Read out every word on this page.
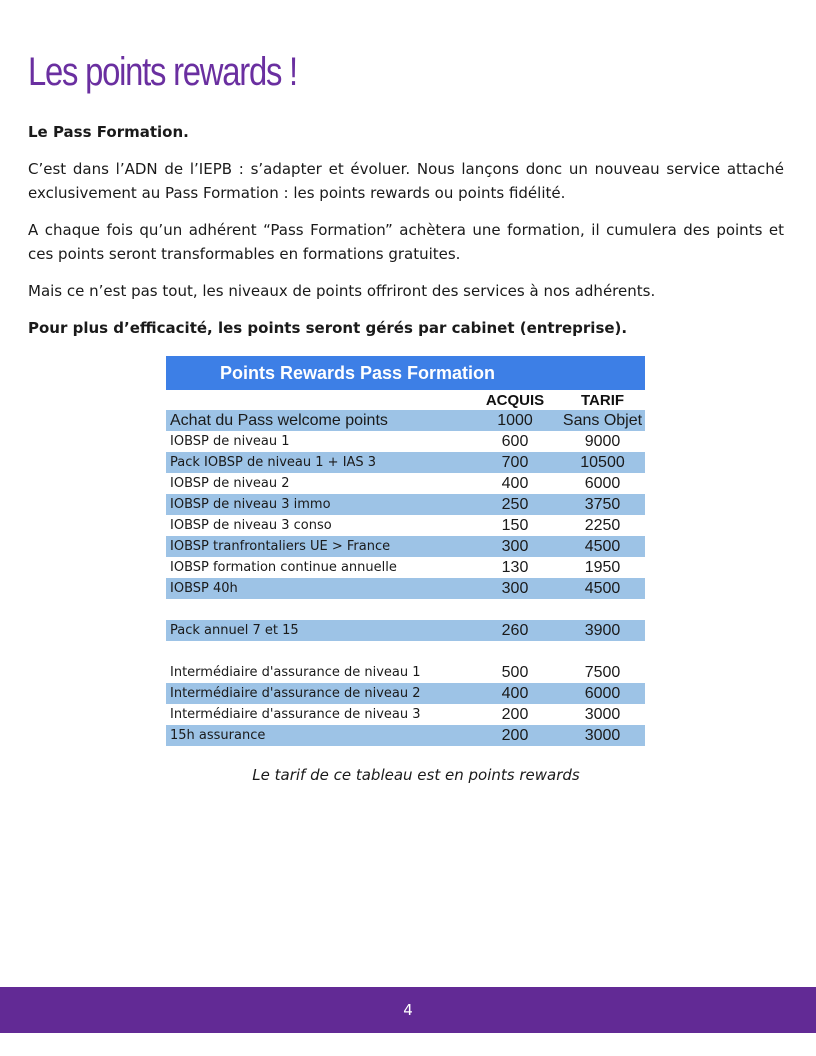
Les points rewards !

Le Pass Formation.

C’est dans l’ADN de l’IEPB : s’adapter et évoluer. Nous lançons donc un nouveau service attaché exclusivement au Pass Formation : les points rewards ou points fidélité.

A chaque fois qu’un adhérent “Pass Formation” achètera une formation, il cumulera des points et ces points seront transformables en formations gratuites.

Mais ce n’est pas tout, les niveaux de points offriront des services à nos adhérents.

Pour plus d’efficacité, les points seront gérés par cabinet (entreprise).

Points Rewards Pass Formation		
	ACQUIS	TARIF
Achat du Pass welcome points	1000	Sans Objet
IOBSP de niveau 1	600	9000
Pack IOBSP de niveau 1 + IAS 3	700	10500
IOBSP de niveau 2	400	6000
IOBSP de niveau 3 immo	250	3750
IOBSP de niveau 3 conso	150	2250
IOBSP tranfrontaliers UE > France	300	4500
IOBSP formation continue annuelle	130	1950
IOBSP 40h	300	4500

Pack annuel 7 et 15	260	3900

Intermédiaire d'assurance de niveau 1	500	7500
Intermédiaire d'assurance de niveau 2	400	6000
Intermédiaire d'assurance de niveau 3	200	3000
15h assurance	200	3000
Le tarif de ce tableau est en points rewards
4
